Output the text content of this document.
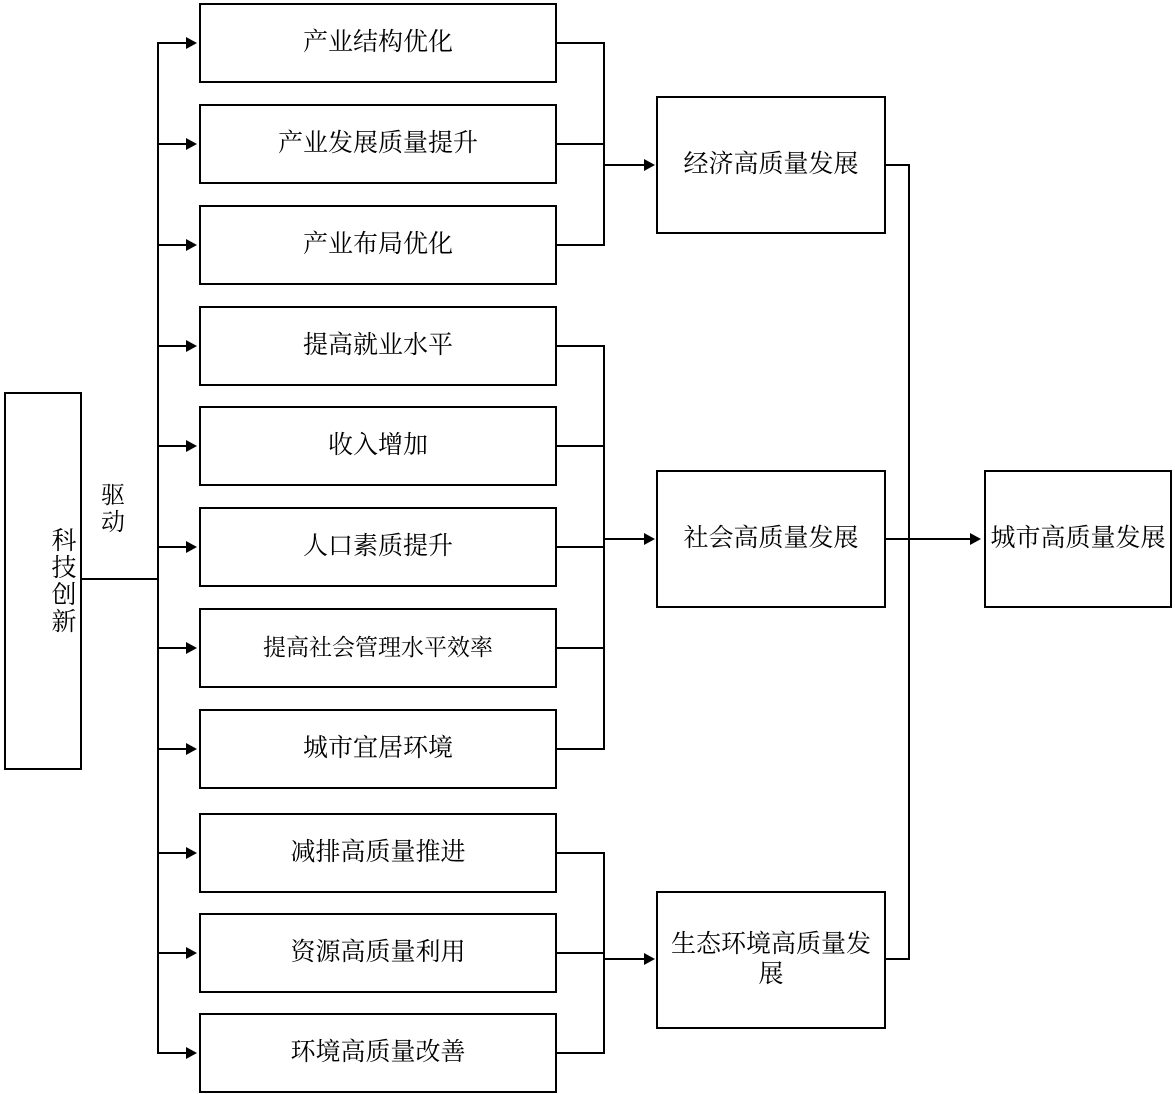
科技创新
驱动
产业结构优化
产业发展质量提升
产业布局优化
提高就业水平
收入增加
人口素质提升
提高社会管理水平效率
城市宜居环境
减排高质量推进
资源高质量利用
环境高质量改善
经济高质量发展
社会高质量发展
生态环境高质量发展
城市高质量发展
